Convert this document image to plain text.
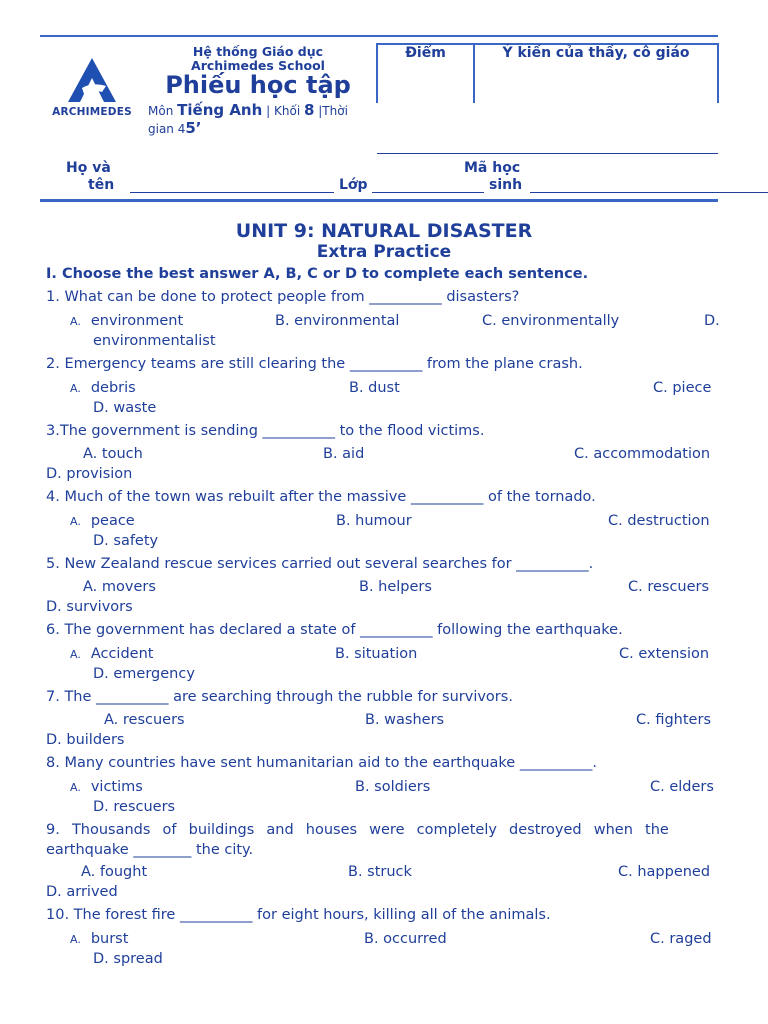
ARCHIMEDES
Hệ thống Giáo dục
Archimedes School
Phiếu học tập
Môn Tiếng Anh | Khối 8 |Thời
gian 45’
Điểm	Ý kiến của thầy, cô giáo
Họ và
tên	Lớp
Mã học
sinh
UNIT 9: NATURAL DISASTER
Extra Practice
I. Choose the best answer A, B, C or D to complete each sentence.
1. What can be done to protect people from __________ disasters?
A. environment	B. environmental	C. environmentally	D.
environmentalist
2. Emergency teams are still clearing the __________ from the plane crash.
A. debris	B. dust	C. piece
D. waste
3.The government is sending __________ to the flood victims.
A. touch	B. aid	C. accommodation
D. provision
4. Much of the town was rebuilt after the massive __________ of the tornado.
A. peace	B. humour	C. destruction
D. safety
5. New Zealand rescue services carried out several searches for __________.
A. movers	B. helpers	C. rescuers
D. survivors
6. The government has declared a state of __________ following the earthquake.
A. Accident	B. situation	C. extension
D. emergency
7. The __________ are searching through the rubble for survivors.
A. rescuers	B. washers	C. fighters
D. builders
8. Many countries have sent humanitarian aid to the earthquake __________.
A. victims	B. soldiers	C. elders
D. rescuers
9. Thousands of buildings and houses were completely destroyed when the
earthquake ________ the city.
A. fought	B. struck	C. happened
D. arrived
10. The forest fire __________ for eight hours, killing all of the animals.
A. burst	B. occurred	C. raged
D. spread
